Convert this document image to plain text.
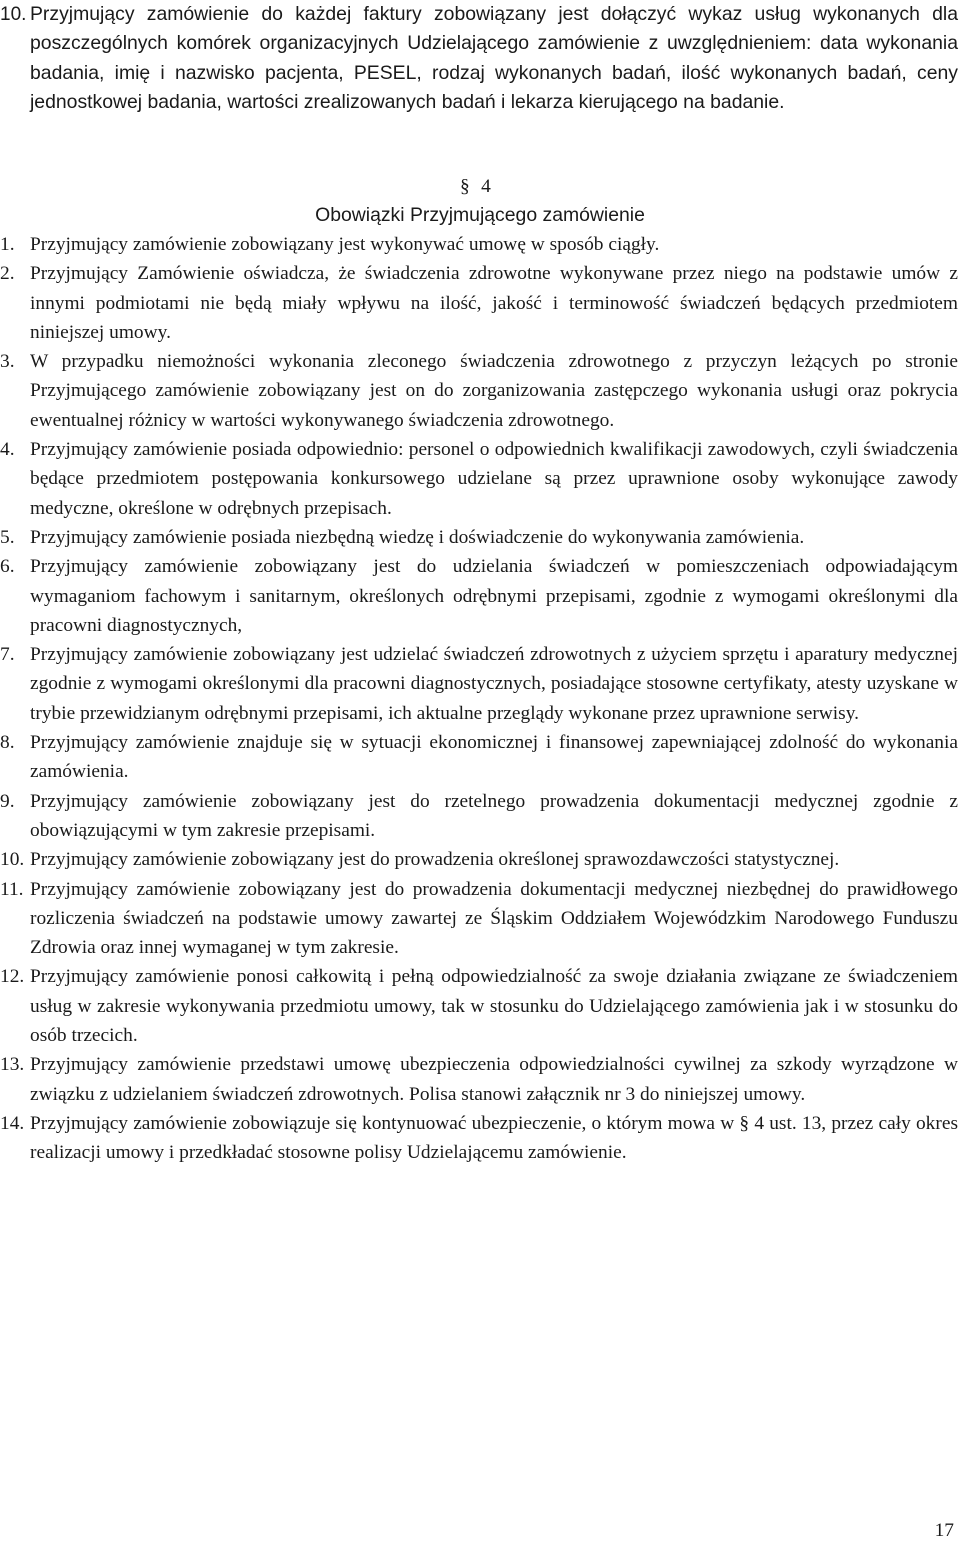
10. Przyjmujący zamówienie do każdej faktury zobowiązany jest dołączyć wykaz usług wykonanych dla poszczególnych komórek organizacyjnych Udzielającego zamówienie z uwzględnieniem: data wykonania badania, imię i nazwisko pacjenta, PESEL, rodzaj wykonanych badań, ilość wykonanych badań, ceny jednostkowej badania, wartości zrealizowanych badań i lekarza kierującego na badanie.
§ 4
Obowiązki Przyjmującego zamówienie
1. Przyjmujący zamówienie zobowiązany jest wykonywać umowę w sposób ciągły.
2. Przyjmujący Zamówienie oświadcza, że świadczenia zdrowotne wykonywane przez niego na podstawie umów z innymi podmiotami nie będą miały wpływu na ilość, jakość i terminowość świadczeń będących przedmiotem niniejszej umowy.
3. W przypadku niemożności wykonania zleconego świadczenia zdrowotnego z przyczyn leżących po stronie Przyjmującego zamówienie zobowiązany jest on do zorganizowania zastępczego wykonania usługi oraz pokrycia ewentualnej różnicy w wartości wykonywanego świadczenia zdrowotnego.
4. Przyjmujący zamówienie posiada odpowiednio: personel o odpowiednich kwalifikacji zawodowych, czyli świadczenia będące przedmiotem postępowania konkursowego udzielane są przez uprawnione osoby wykonujące zawody medyczne, określone w odrębnych przepisach.
5. Przyjmujący zamówienie posiada niezbędną wiedzę i doświadczenie do wykonywania zamówienia.
6. Przyjmujący zamówienie zobowiązany jest do udzielania świadczeń w pomieszczeniach odpowiadającym wymaganiom fachowym i sanitarnym, określonych odrębnymi przepisami, zgodnie z wymogami określonymi dla pracowni diagnostycznych,
7. Przyjmujący zamówienie zobowiązany jest udzielać świadczeń zdrowotnych z użyciem sprzętu i aparatury medycznej zgodnie z wymogami określonymi dla pracowni diagnostycznych, posiadające stosowne certyfikaty, atesty uzyskane w trybie przewidzianym odrębnymi przepisami, ich aktualne przeglądy wykonane przez uprawnione serwisy.
8. Przyjmujący zamówienie znajduje się w sytuacji ekonomicznej i finansowej zapewniającej zdolność do wykonania zamówienia.
9. Przyjmujący zamówienie zobowiązany jest do rzetelnego prowadzenia dokumentacji medycznej zgodnie z obowiązującymi w tym zakresie przepisami.
10. Przyjmujący zamówienie zobowiązany jest do prowadzenia określonej sprawozdawczości statystycznej.
11. Przyjmujący zamówienie zobowiązany jest do prowadzenia dokumentacji medycznej niezbędnej do prawidłowego rozliczenia świadczeń na podstawie umowy zawartej ze Śląskim Oddziałem Wojewódzkim Narodowego Funduszu Zdrowia oraz innej wymaganej w tym zakresie.
12. Przyjmujący zamówienie ponosi całkowitą i pełną odpowiedzialność za swoje działania związane ze świadczeniem usług w zakresie wykonywania przedmiotu umowy, tak w stosunku do Udzielającego zamówienia jak i w stosunku do osób trzecich.
13. Przyjmujący zamówienie przedstawi umowę ubezpieczenia odpowiedzialności cywilnej za szkody wyrządzone w związku z udzielaniem świadczeń zdrowotnych. Polisa stanowi załącznik nr 3 do niniejszej umowy.
14. Przyjmujący zamówienie zobowiązuje się kontynuować ubezpieczenie, o którym mowa w § 4 ust. 13, przez cały okres realizacji umowy i przedkładać stosowne polisy Udzielającemu zamówienie.
17
